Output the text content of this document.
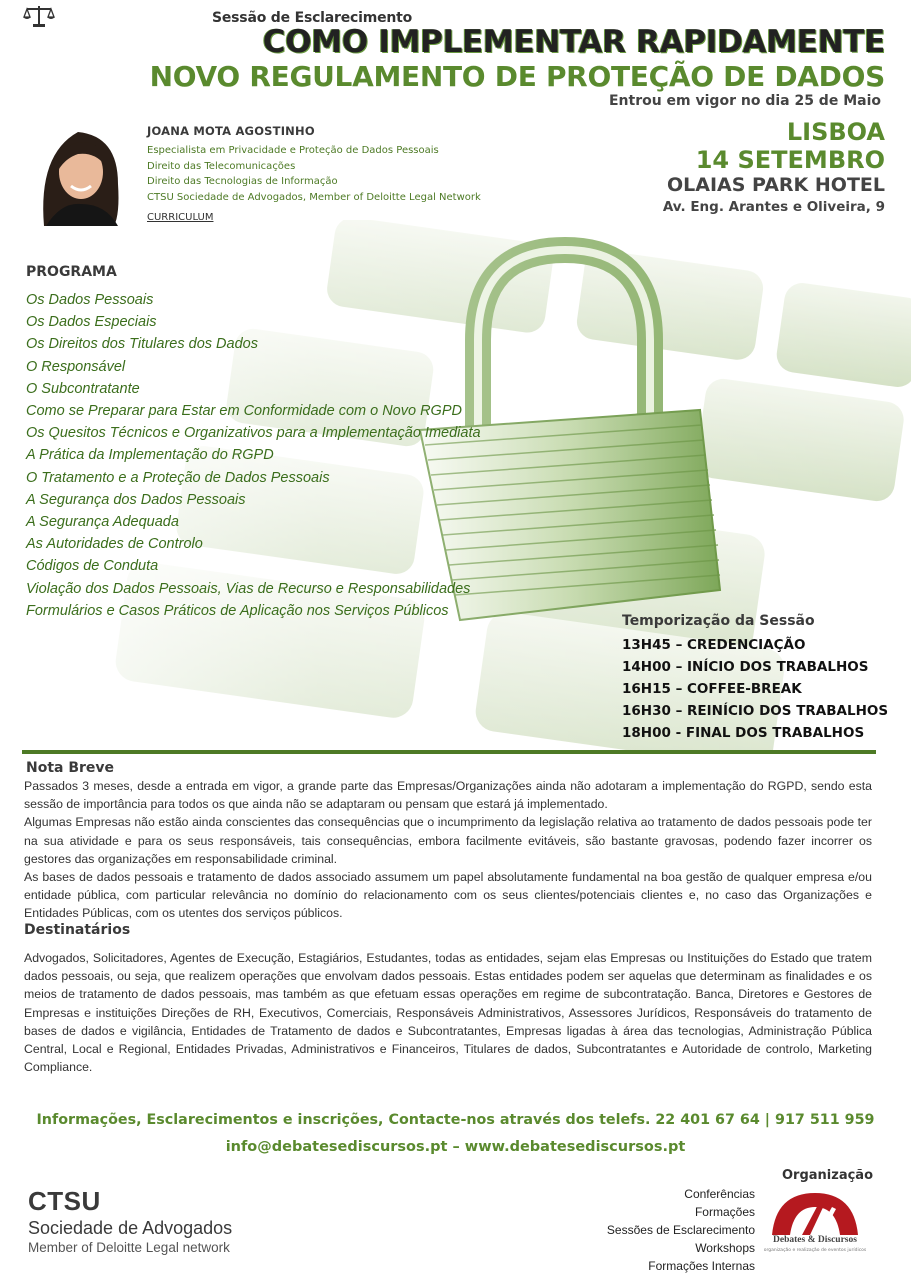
Sessão de Esclarecimento
COMO IMPLEMENTAR RAPIDAMENTE
NOVO REGULAMENTO DE PROTEÇÃO DE DADOS
Entrou em vigor no dia 25 de Maio
JOANA MOTA AGOSTINHO
Especialista em Privacidade e Proteção de Dados Pessoais
Direito das Telecomunicações
Direito das Tecnologias de Informação
CTSU Sociedade de Advogados, Member of Deloitte Legal Network
CURRICULUM
LISBOA
14 SETEMBRO
OLAIAS PARK HOTEL
Av. Eng. Arantes e Oliveira, 9
PROGRAMA
Os Dados Pessoais
Os Dados Especiais
Os Direitos dos Titulares dos Dados
O Responsável
O Subcontratante
Como se Preparar para Estar em Conformidade com o Novo RGPD
Os Quesitos Técnicos e Organizativos para a Implementação Imediata
A Prática da Implementação do RGPD
O Tratamento e a Proteção de Dados Pessoais
A Segurança dos Dados Pessoais
A Segurança Adequada
As Autoridades de Controlo
Códigos de Conduta
Violação dos Dados Pessoais, Vias de Recurso e Responsabilidades
Formulários e Casos Práticos de Aplicação nos Serviços Públicos
Temporização da Sessão
13H45 – CREDENCIAÇÃO
14H00 – INÍCIO DOS TRABALHOS
16H15 – COFFEE-BREAK
16H30 – REINÍCIO DOS TRABALHOS
18H00 - FINAL DOS TRABALHOS
Nota Breve

Passados 3 meses, desde a entrada em vigor, a grande parte das Empresas/Organizações ainda não adotaram a implementação do RGPD, sendo esta sessão de importância para todos os que ainda não se adaptaram ou pensam que estará já implementado.

Algumas Empresas não estão ainda conscientes das consequências que o incumprimento da legislação relativa ao tratamento de dados pessoais pode ter na sua atividade e para os seus responsáveis, tais consequências, embora facilmente evitáveis, são bastante gravosas, podendo fazer incorrer os gestores das organizações em responsabilidade criminal.

As bases de dados pessoais e tratamento de dados associado assumem um papel absolutamente fundamental na boa gestão de qualquer empresa e/ou entidade pública, com particular relevância no domínio do relacionamento com os seus clientes/potenciais clientes e, no caso das Organizações e Entidades Públicas, com os utentes dos serviços públicos.

Destinatários
Advogados, Solicitadores, Agentes de Execução, Estagiários, Estudantes, todas as entidades, sejam elas Empresas ou Instituições do Estado que tratem dados pessoais, ou seja, que realizem operações que envolvam dados pessoais. Estas entidades podem ser aquelas que determinam as finalidades e os meios de tratamento de dados pessoais, mas também as que efetuam essas operações em regime de subcontratação. Banca, Diretores e Gestores de Empresas e instituições Direções de RH, Executivos, Comerciais, Responsáveis Administrativos, Assessores Jurídicos, Responsáveis do tratamento de bases de dados e vigilância, Entidades de Tratamento de dados e Subcontratantes, Empresas ligadas à área das tecnologias, Administração Pública Central, Local e Regional, Entidades Privadas, Administrativos e Financeiros, Titulares de dados, Subcontratantes e Autoridade de controlo, Marketing Compliance.
Informações, Esclarecimentos e inscrições, Contacte-nos através dos telefs. 22 401 67 64 | 917 511 959
info@debatesediscursos.pt – www.debatesediscursos.pt
CTSU
Sociedade de Advogados
Member of Deloitte Legal network
Organização
Conferências
Formações
Sessões de Esclarecimento
Workshops
Formações Internas
Debates & Discursos
organização e realização de eventos jurídicos
